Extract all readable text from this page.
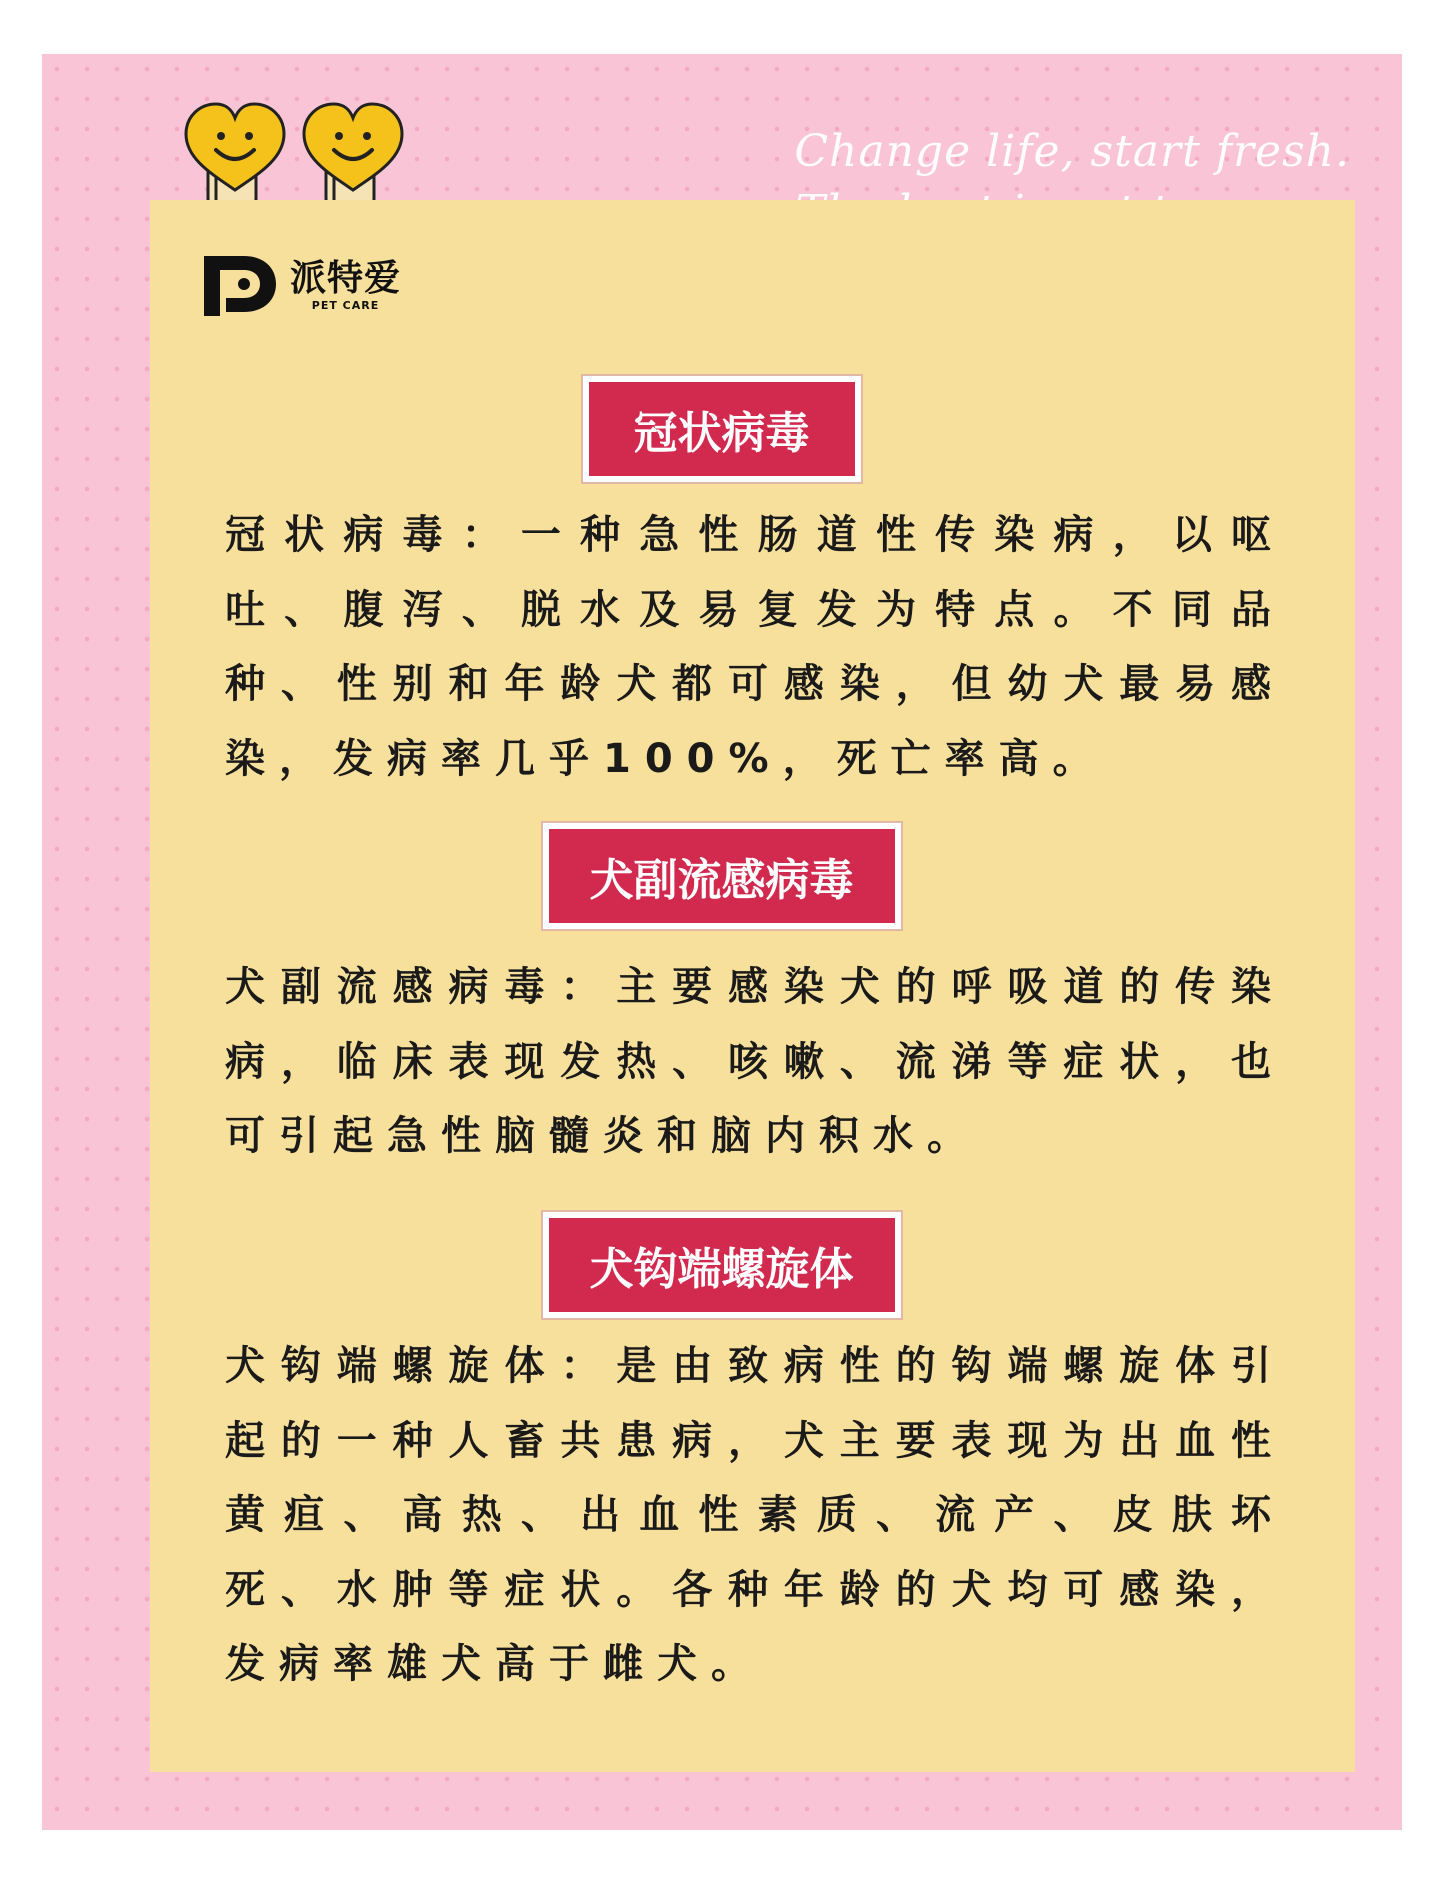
Change life, start fresh.
派特爱
PET CARE
冠状病毒
冠状病毒：一种急性肠道性传染病，以呕吐、腹泻、脱水及易复发为特点。不同品种、性别和年龄犬都可感染，但幼犬最易感染，发病率几乎100%，死亡率高。
犬副流感病毒
犬副流感病毒：主要感染犬的呼吸道的传染病，临床表现发热、咳嗽、流涕等症状，也可引起急性脑髓炎和脑内积水。
犬钩端螺旋体
犬钩端螺旋体：是由致病性的钩端螺旋体引起的一种人畜共患病，犬主要表现为出血性黄疸、高热、出血性素质、流产、皮肤坏死、水肿等症状。各种年龄的犬均可感染，发病率雄犬高于雌犬。
